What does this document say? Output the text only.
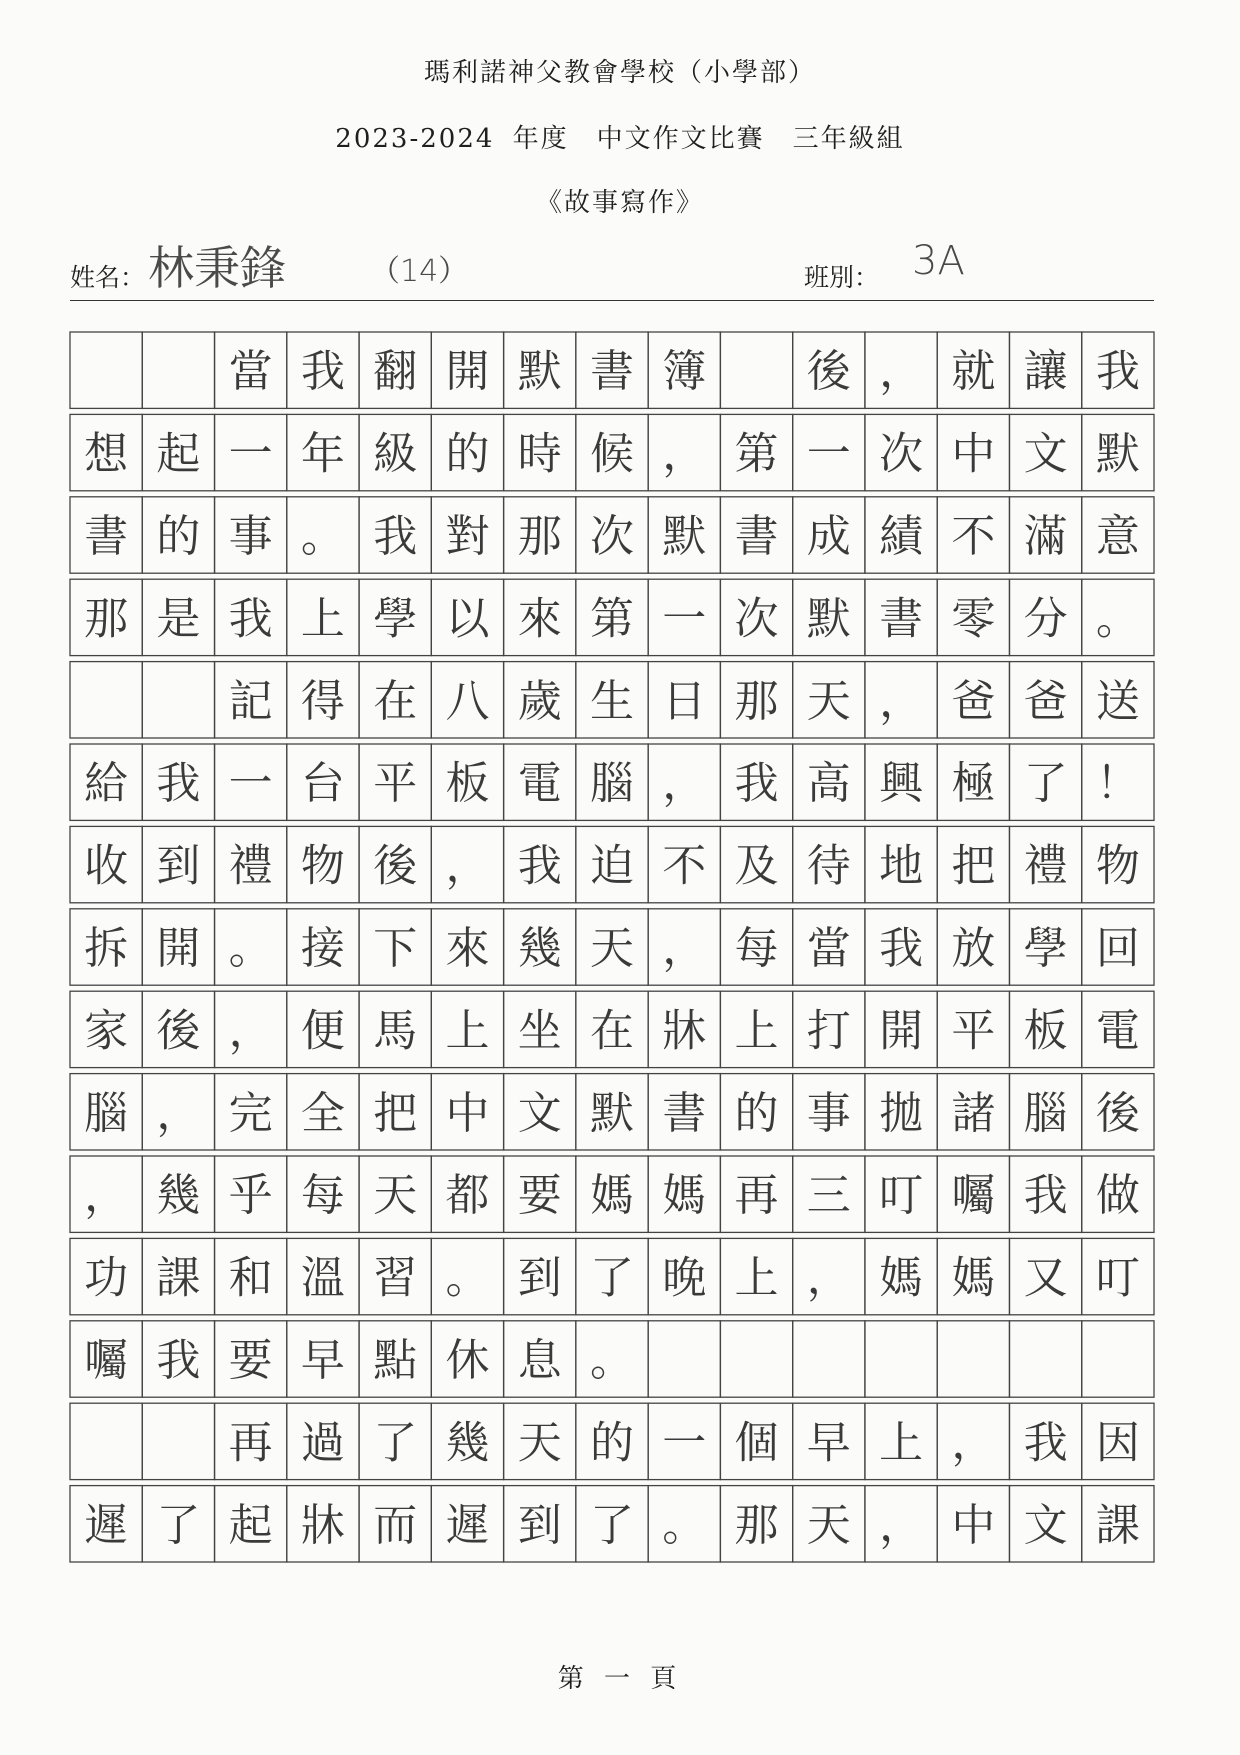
瑪利諾神父教會學校（小學部）
2023-2024 年度　中文作文比賽　三年級組
《故事寫作》
姓名： 林秉鋒	（14）	班別： 3A
當 我 翻 開 默 書 簿 後 ， 就 讓 我
想 起 一 年 級 的 時 候 ， 第 一 次 中 文 默
書 的 事 。 我 對 那 次 默 書 成 績 不 滿 意
那 是 我 上 學 以 來 第 一 次 默 書 零 分 。
記 得 在 八 歲 生 日 那 天 ， 爸 爸 送
給 我 一 台 平 板 電 腦 ， 我 高 興 極 了 ！
收 到 禮 物 後 ， 我 迫 不 及 待 地 把 禮 物
拆 開 。 接 下 來 幾 天 ， 每 當 我 放 學 回
家 後 ， 便 馬 上 坐 在 牀 上 打 開 平 板 電
腦 ， 完 全 把 中 文 默 書 的 事 拋 諸 腦 後
， 幾 乎 每 天 都 要 媽 媽 再 三 叮 囑 我 做
功 課 和 溫 習 。 到 了 晚 上 ， 媽 媽 又 叮
囑 我 要 早 點 休 息 。
再 過 了 幾 天 的 一 個 早 上 ， 我 因
遲 了 起 牀 而 遲 到 了 。 那 天 ， 中 文 課
第 一 頁
